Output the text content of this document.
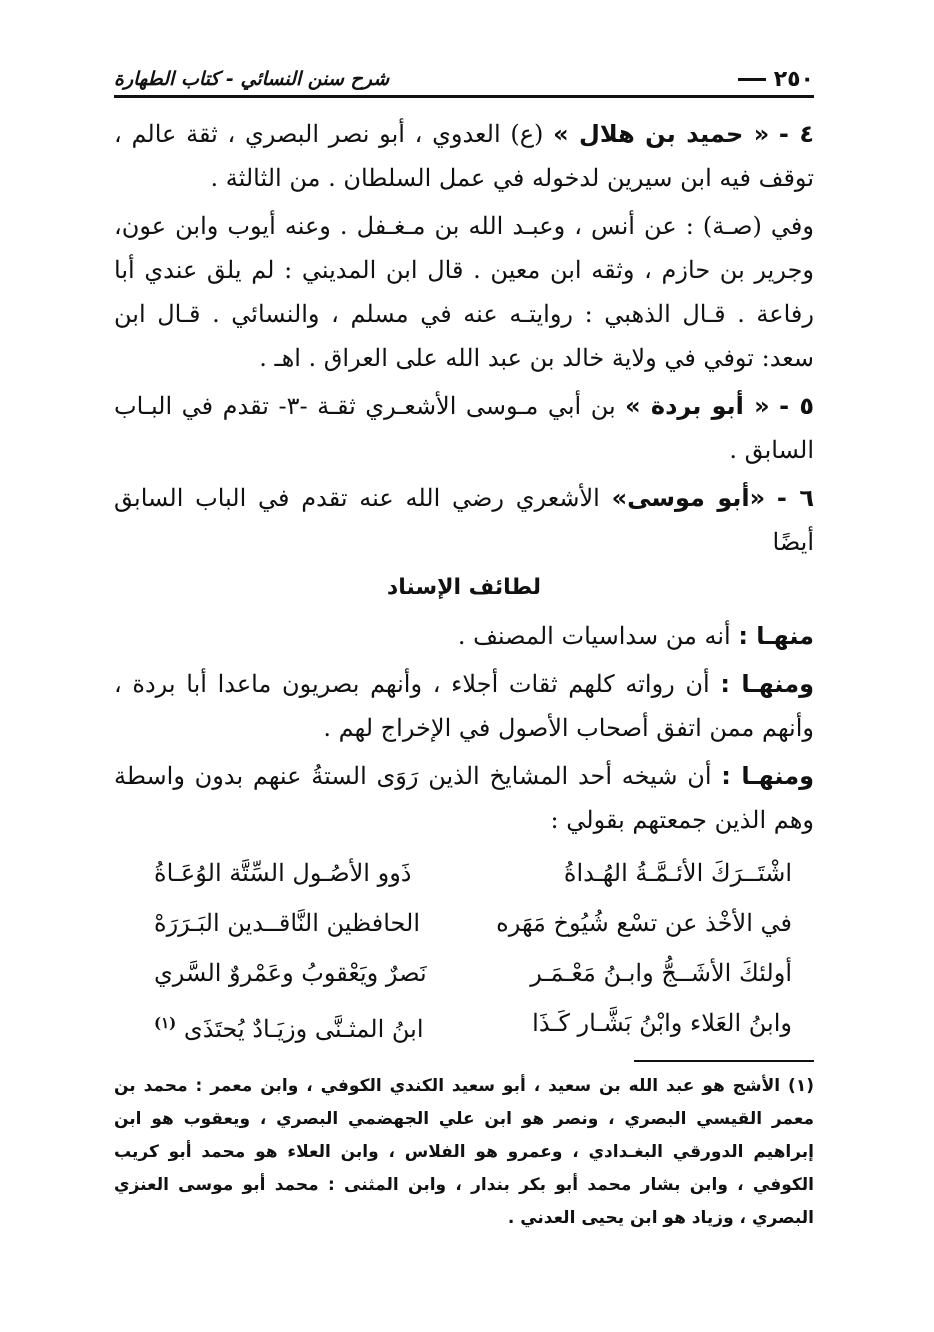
٢٥٠
شرح سنن النسائي - كتاب الطهارة

٤ - « حميد بن هلال » (ع) العدوي ، أبو نصر البصري ، ثقة عالم ، توقف فيه ابن سيرين لدخوله في عمل السلطان . من الثالثة .

وفي (صـة) : عن أنس ، وعبـد الله بن مـغـفل . وعنه أيوب وابن عون، وجرير بن حازم ، وثقه ابن معين . قال ابن المديني : لم يلق عندي أبا رفاعة . قـال الذهبي : روايتـه عنه في مسلم ، والنسائي . قـال ابن سعد: توفي في ولاية خالد بن عبد الله على العراق . اهـ .

٥ - « أبو بردة » بن أبي مـوسى الأشعـري ثقـة -٣- تقدم في البـاب السابق .

٦ - «أبو موسى» الأشعري رضي الله عنه تقدم في الباب السابق أيضًا

لطائف الإسناد

منهـا : أنه من سداسيات المصنف .

ومنهـا : أن رواته كلهم ثقات أجلاء ، وأنهم بصريون ماعدا أبا بردة ، وأنهم ممن اتفق أصحاب الأصول في الإخراج لهم .

ومنهـا : أن شيخه أحد المشايخ الذين رَوَى الستةُ عنهم بدون واسطة وهم الذين جمعتهم بقولي :

اشْتَــرَكَ الأئـمَّـةُ الهُـداةُ
ذَوو الأصُـول السِّتَّة الوُعَـاةُ
في الأخْذ عن تسْع شُيُوخ مَهَره
الحافظين النَّاقــدين البَـرَرَهْ
أولئكَ الأشَــجُّ وابـنُ مَعْـمَـر
نَصرٌ ويَعْقوبُ وعَمْروٌ السَّري
وابنُ العَلاء وابْنُ بَشَّـار كَـذَا
ابنُ المثـنَّى وزيَـادٌ يُحتَذَى $^{(١)}$
(١) الأشج هو عبد الله بن سعيد ، أبو سعيد الكندي الكوفي ، وابن معمر : محمد بن معمر القيسي البصري ، ونصر هو ابن علي الجهضمي البصري ، ويعقوب هو ابن إبراهيم الدورقي البغـدادي ، وعمرو هو الفلاس ، وابن العلاء هو محمد أبو كريب الكوفي ، وابن بشار محمد أبو بكر بندار ، وابن المثنى : محمد أبو موسى العنزي البصري ، وزياد هو ابن يحيى العدني .
